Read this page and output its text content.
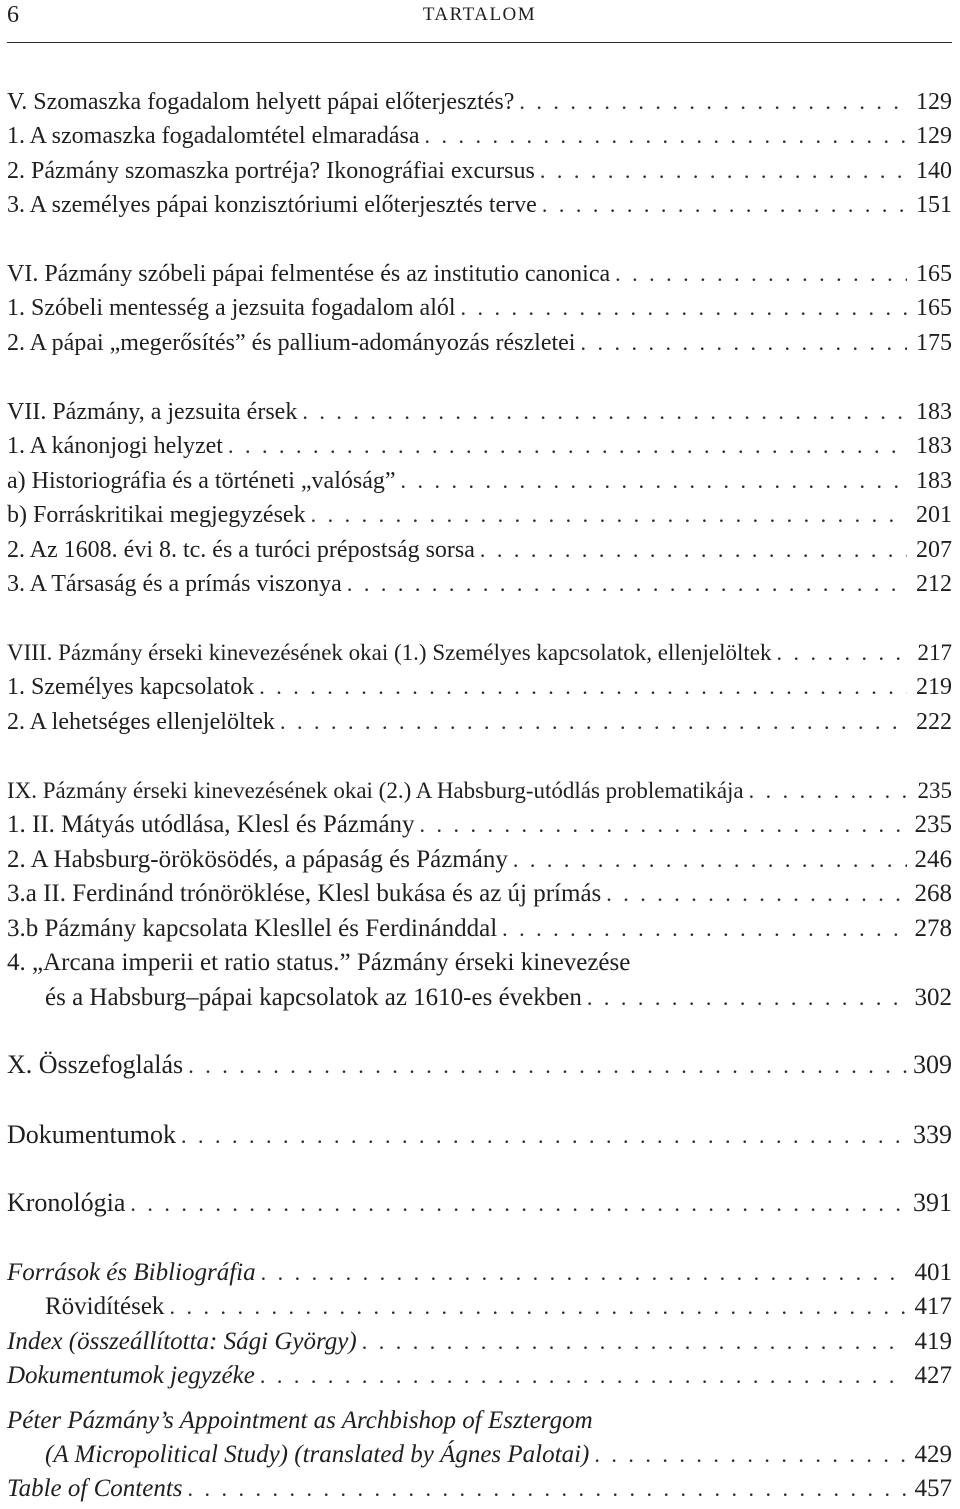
6	TARTALOM
V. Szomaszka fogadalom helyett pápai előterjesztés? . . .	129
1. A szomaszka fogadalomtétel elmaradása . . .	129
2. Pázmány szomaszka portréja? Ikonográfiai excursus . . .	140
3. A személyes pápai konzisztóriumi előterjesztés terve . . .	151
VI. Pázmány szóbeli pápai felmentése és az institutio canonica . . .	165
1. Szóbeli mentesség a jezsuita fogadalom alól . . .	165
2. A pápai „megerősítés” és pallium-adományozás részletei . . .	175
VII. Pázmány, a jezsuita érsek . . .	183
1. A kánonjogi helyzet . . .	183
a) Historiográfia és a történeti „valóság” . . .	183
b) Forráskritikai megjegyzések . . .	201
2. Az 1608. évi 8. tc. és a turóci prépostság sorsa . . .	207
3. A Társaság és a prímás viszonya . . .	212
VIII. Pázmány érseki kinevezésének okai (1.) Személyes kapcsolatok, ellenjelöltek . . .	217
1. Személyes kapcsolatok . . .	219
2. A lehetséges ellenjelöltek . . .	222
IX. Pázmány érseki kinevezésének okai (2.) A Habsburg-utódlás problematikája . . .	235
1. II. Mátyás utódlása, Klesl és Pázmány . . .	235
2. A Habsburg-örökösödés, a pápaság és Pázmány . . .	246
3.a II. Ferdinánd trónöröklése, Klesl bukása és az új prímás . . .	268
3.b Pázmány kapcsolata Klesllel és Ferdinánddal . . .	278
4. „Arcana imperii et ratio status.” Pázmány érseki kinevezése
és a Habsburg–pápai kapcsolatok az 1610-es években . . .	302
X. Összefoglalás . . .	309
Dokumentumok . . .	339
Kronológia . . .	391
Források és Bibliográfia . . .	401
Rövidítések . . .	417
Index (összeállította: Sági György) . . .	419
Dokumentumok jegyzéke . . .	427
Péter Pázmány’s Appointment as Archbishop of Esztergom
(A Micropolitical Study) (translated by Ágnes Palotai) . . .	429
Table of Contents . . .	457
